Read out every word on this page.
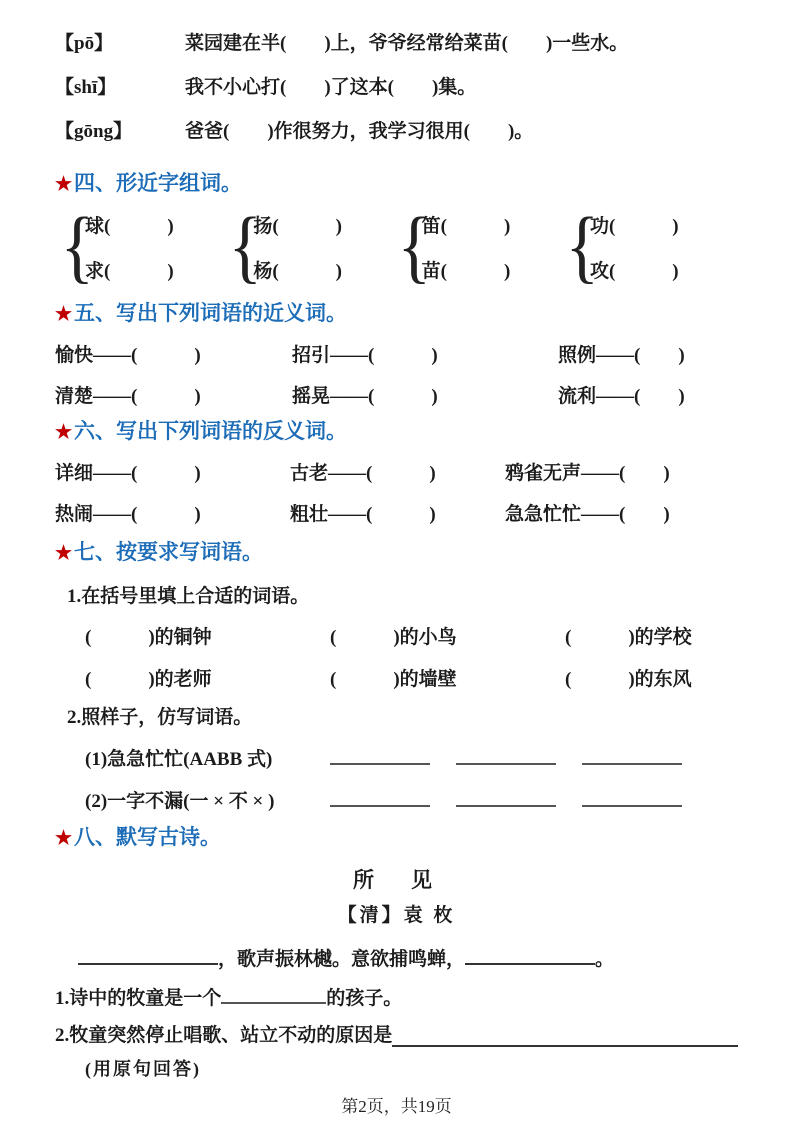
【pō】	菜园建在半(　　)上，爷爷经常给菜苗(　　)一些水。
【shī】	我不小心打(　　)了这本(　　)集。
【gōng】	爸爸(　　)作很努力，我学习很用(　　)。
★四、形近字组词。
{
球(　　　)
求(　　　) {
扬(　　　)
杨(　　　) {
笛(　　　)
苗(　　　) {
功(　　　)
攻(　　　)
★五、写出下列词语的近义词。
愉快——(　　　)	招引——(　　　)	照例——(　　)
清楚——(　　　)	摇晃——(　　　)	流利——(　　)
★六、写出下列词语的反义词。
详细——(　　　)	古老——(　　　)	鸦雀无声——(　　)
热闹——(　　　)	粗壮——(　　　)	急急忙忙——(　　)
★七、按要求写词语。
1.在括号里填上合适的词语。
(　　　)的铜钟	(　　　)的小鸟	(　　　)的学校
(　　　)的老师	(　　　)的墙壁	(　　　)的东风
2.照样子，仿写词语。
(1)急急忙忙(AABB 式)
(2)一字不漏(一 × 不 × )
★八、默写古诗。
所　见
【清】袁 枚
，歌声振林樾。意欲捕鸣蝉，	。
1.诗中的牧童是一个	的孩子。
2.牧童突然停止唱歌、站立不动的原因是
(用原句回答)
第2页，共19页
